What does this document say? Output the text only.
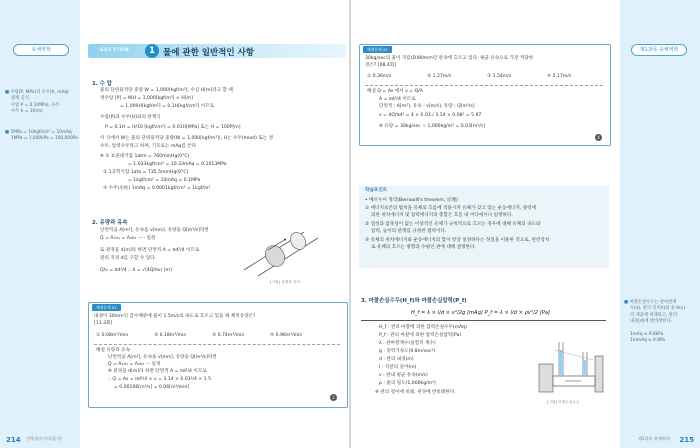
유체역학
■ 수압(P, MPa)과 수두(h, mAq)
관계 공식
수압 P = 0.1(MPa), 수두
수두 h = 10(m)
■ 1MPa = 10kgf/cm² = 10mAq
1MPa = 1,000kPa = 100,000Pa
SECTION	1 물에 관한 일반적인 사항
1. 수 압
물의 단위용적당 중량 W = 1,000[kgf/m³], 수심 H[m]라고 할 때
정수압 [P] = WH = 1,000[kgf/m³] × H[m]
= 1,000H[kgf/m²] = 0.1H[kgf/cm²] 이므로
수압(P)과 수두(H)와의 관계식
P = 0.1H = H/10 [kgf/cm²] = 0.01H[MPa] 또는 H = 100P[m]
이 식에서 W는 물의 단위용적당 중량(W = 1,000[kgf/m³]), H는 수두(head) 또는 정
수두, 압력수두라고 하며, 기호로는 mAq를 쓴다.
※ ① 표준대기압 1atm = 760mmHg(0°C)
= 1.033kgf/cm² = 10.33mAq = 0.1013MPa
② 1공학기압 1ata = 735.5mmHg(0°C)
= 1kgf/cm² = 10mAq = 0.1MPa
③ 수주(水柱) 1mAq = 0.0001kgf/cm² = 1kgf/m²
2. 유량과 유속
단면적을 A[m²], 유속을 v[m/s], 유량을 Q[m³/s]라면
Q = A₁v₁ = A₂v₂ ····· 일정
또 관경을 d[m]라 하면 단면적 A = πd²/4 이므로
관의 직경 d를 구할 수 있다.
Q/v = πd²/4 ∴ d = √(4Q/πv) [m]
[그림] 유량과 유속
예제문제 01
내경이 30mm인 급수배관에 물이 1.5m/s의 속도로 흐르고 있을 때 체적유량은?
[11.3회]
① 0.08m³/min	② 0.18m³/min	③ 0.74m³/min	④ 0.96m³/min
해설 유량과 유속
단면적을 A[m²], 유속을 v[m/s], 유량을 Q[m³/s]라면
Q = A₁v₁ = A₂v₂ ··· 일정
※ 관경을 d[m]라 하면 단면적 A = πd²/4 이므로
∴ Q = Av = πd²/4 × v = 3.14 × 0.03²/4 × 1.5
= 0.00106[m³/s] = 0.06[m³/min]
2
214 건축설비기사(필기)
제1과목 유체역학
예제문제 02
30kg/sec의 물이 지름(D)80mm인 관속에 흐르고 있다. 평균 유속으로 가장 적당한
것은? [08.4회]
① 0.36m/s	② 1.27m/s	③ 1.54m/s	④ 2.17m/s
해설 Q = Av 에서 v = Q/A
A = πd²/4 이므로
단면적 : A[m²], 유속 : v[m/s], 유량 : Q[m³/s]
v = 4Q/πd² = 4 × 0.03 / 3.14 × 0.08² = 5.97
※ 유량 = 30kg/sec ÷ 1,000kg/m³ = 0.03[m³/s]
4
학습포인트
• 베르누이 정리(Bernoulli's theorem, 定理)
① 에너지보존의 법칙을 유체의 흐름에 적용시켜 유체가 갖고 있는 운동에너지, 중력에
의한 위치에너지 및 압력에너지의 총합은 흐름 내 어디에서나 일정하다.
② 점성과 압축성이 없는 이상적인 유체가 규칙적으로 흐르는 경우에 대해 유체의 속도와
압력, 높이의 관계를 규정한 법칙이다.
③ 유체의 위치에너지와 운동에너지의 합이 항상 일정하다는 성질을 이용한 것으로, 관련장치
로 유체의 흐르는 방향과 수평인 관에 대해 설명한다.
3. 마찰손실수두(H_f)와 마찰손실압력(P_f)
H_f = λ × l/d × v²/2g [mAq] P_f = λ × l/d × ρv²/2 [Pa]
H_f : 관의 마찰에 의한 압력손실수두(mAq)
P_f : 관의 마찰에 의한 압력손실압력(Pa)
λ : 관마찰계수(실험적 계수)
g : 중력가속도(9.8m/sec²)
d : 관의 내경(m)
l : 직관의 길이(m)
v : 관내 평균 유속(m/s)
ρ : 물의 밀도(1,000kg/m³)
※ 관의 길이에 비례, 관경에 반비례한다.
[그림] 마찰손실수두
■ 마찰손실수두는 관마찰계
수(λ), 관의 길이(l)와 유속(v)
의 제곱에 비례하고, 관의
내경(d)에 반비례한다.
1mAq ≒ 9.8kPa
1mmAq ≒ 9.8Pa
제1과목 유체역학 215
